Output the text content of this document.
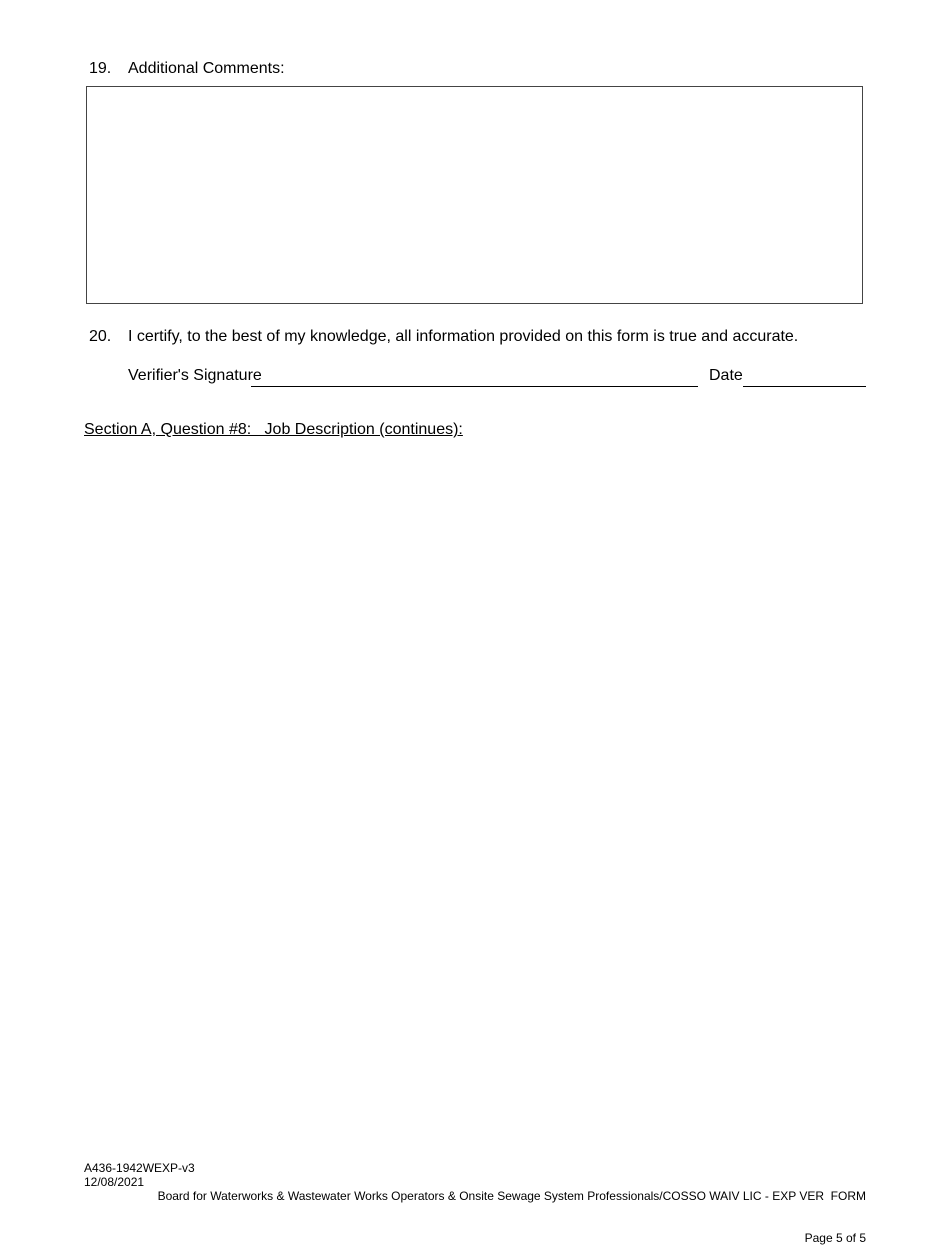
19. Additional Comments:
20. I certify, to the best of my knowledge, all information provided on this form is true and accurate.
Verifier's Signature	Date
Section A, Question #8:   Job Description (continues):
A436-1942WEXP-v3
12/08/2021

Board for Waterworks & Wastewater Works Operators & Onsite Sewage System Professionals/COSSO WAIV LIC - EXP VER  FORM

Page 5 of 5
